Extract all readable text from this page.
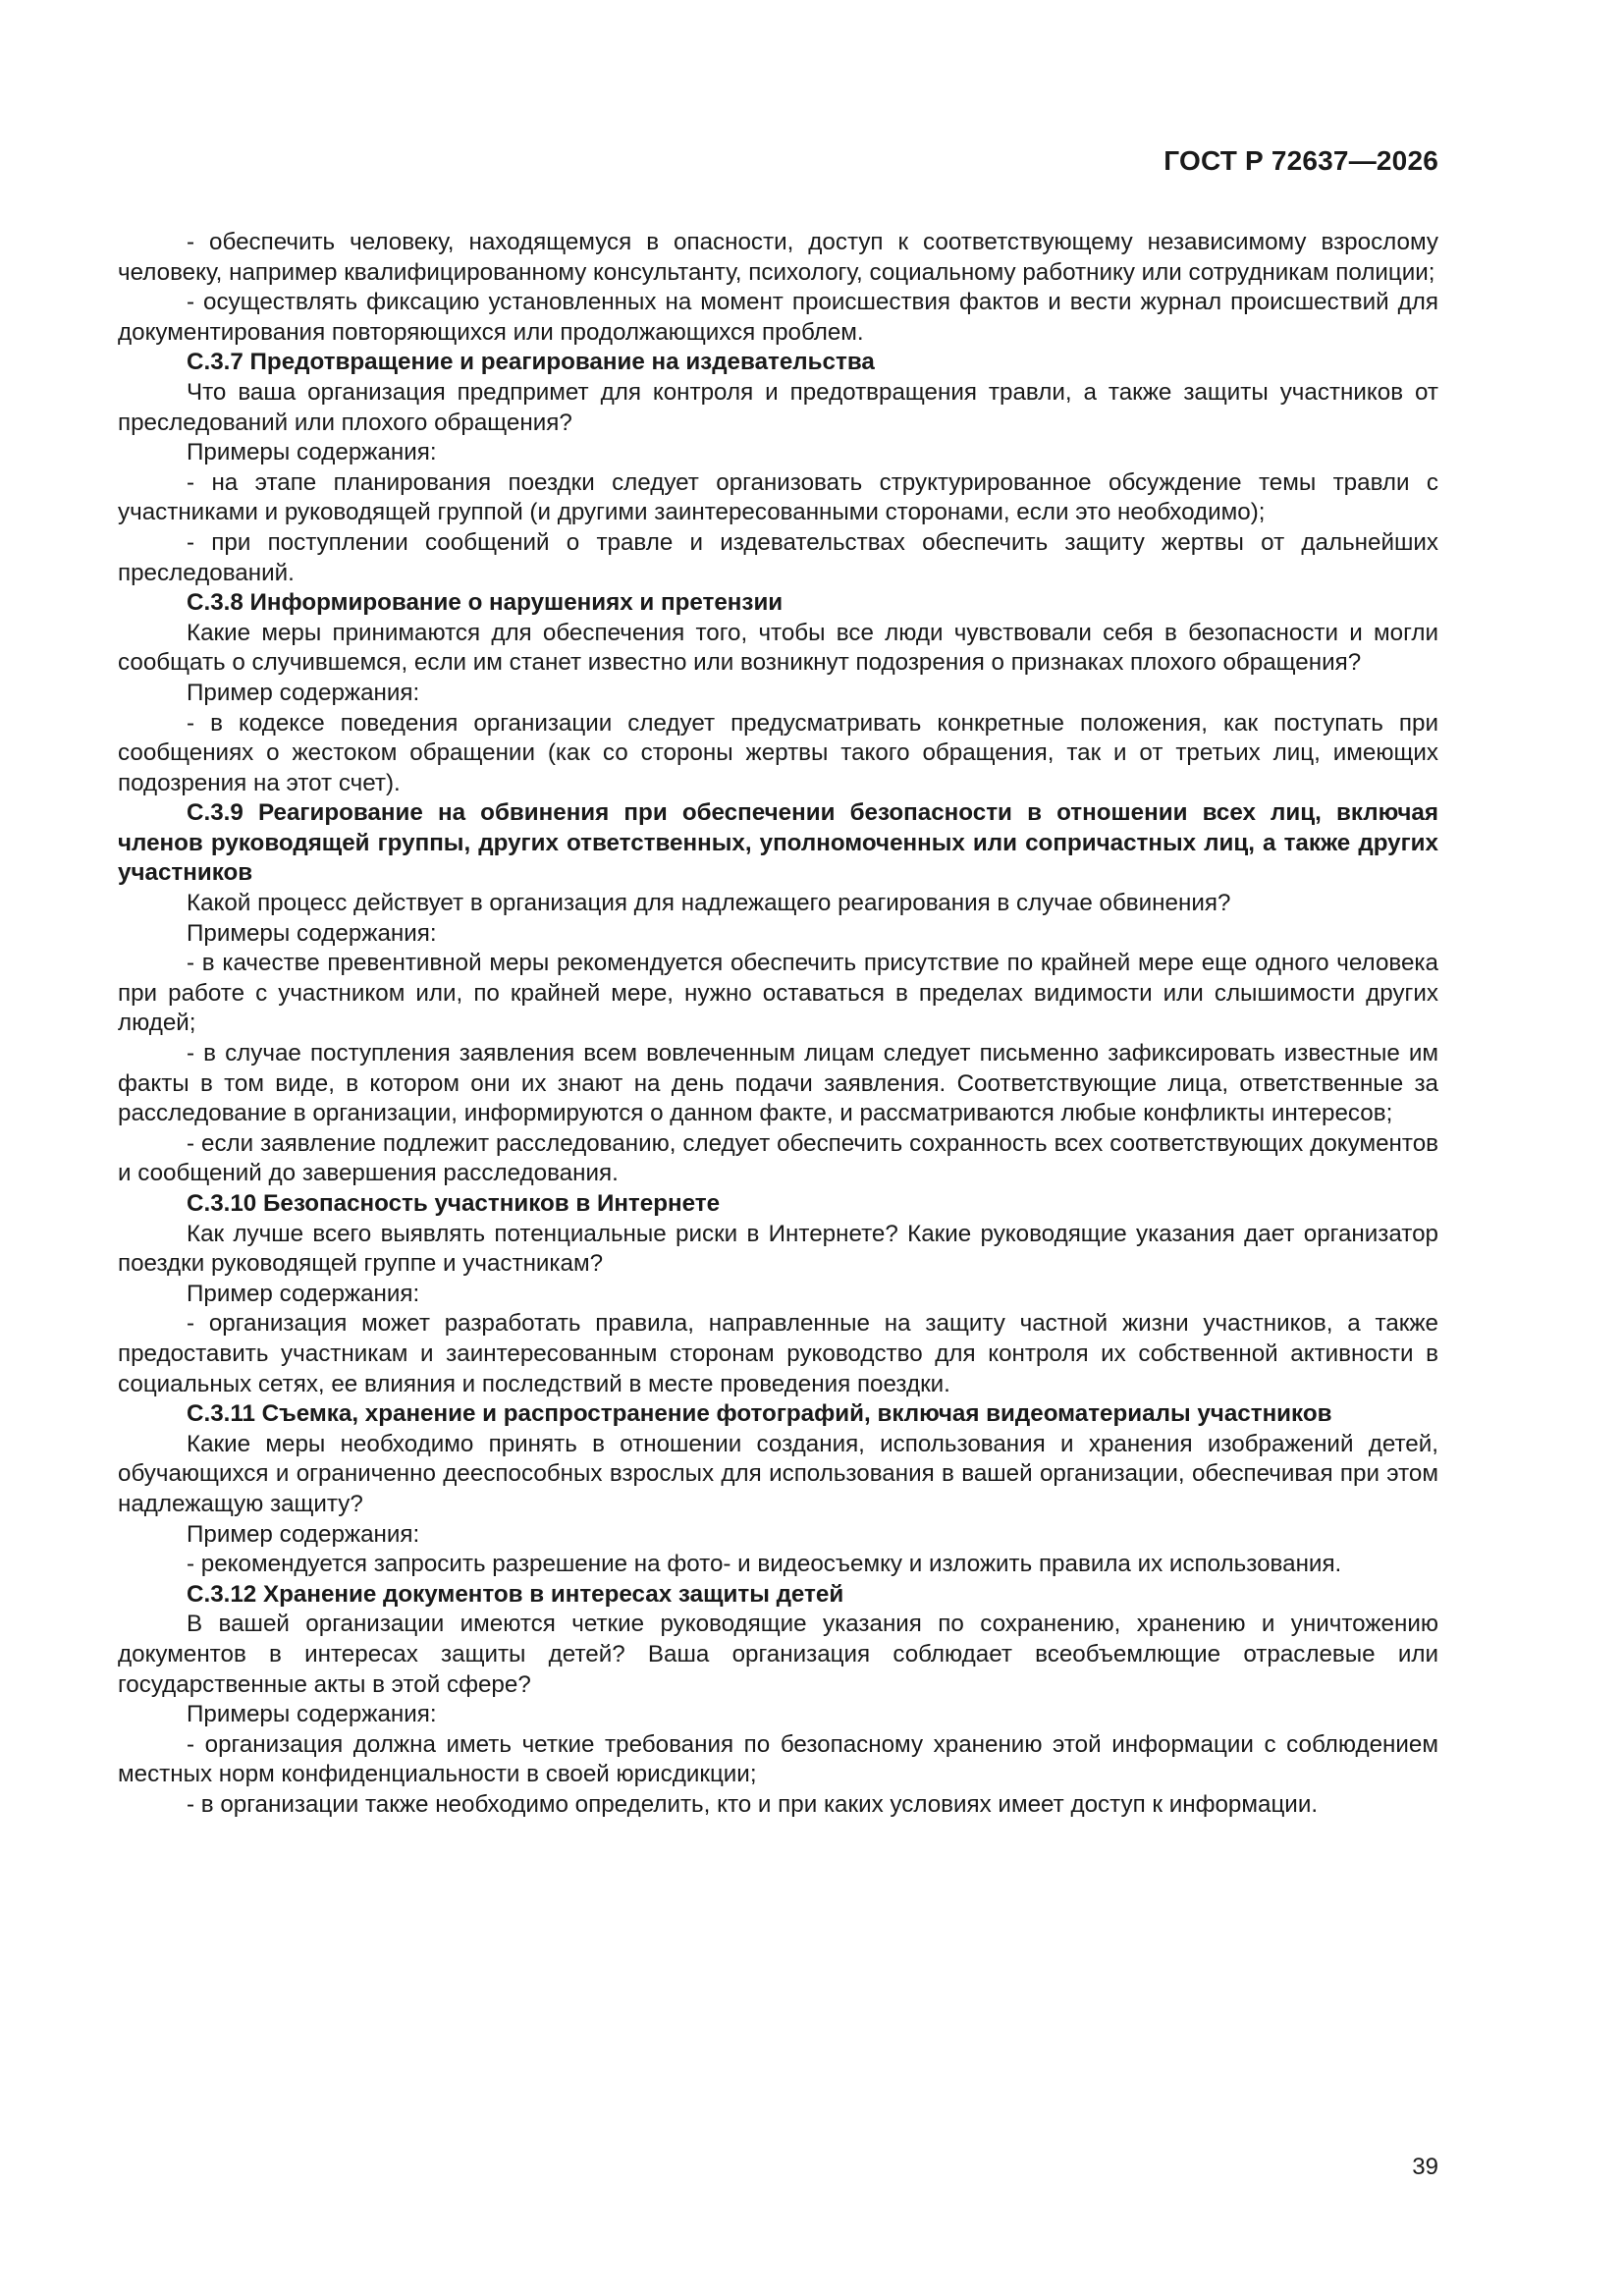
ГОСТ Р 72637—2026

- обеспечить человеку, находящемуся в опасности, доступ к соответствующему независимому взрослому человеку, например квалифицированному консультанту, психологу, социальному работнику или сотрудникам полиции;

- осуществлять фиксацию установленных на момент происшествия фактов и вести журнал происшествий для документирования повторяющихся или продолжающихся проблем.

С.3.7 Предотвращение и реагирование на издевательства

Что ваша организация предпримет для контроля и предотвращения травли, а также защиты участников от преследований или плохого обращения?

Примеры содержания:

- на этапе планирования поездки следует организовать структурированное обсуждение темы травли с участниками и руководящей группой (и другими заинтересованными сторонами, если это необходимо);

- при поступлении сообщений о травле и издевательствах обеспечить защиту жертвы от дальнейших преследований.

С.3.8 Информирование о нарушениях и претензии

Какие меры принимаются для обеспечения того, чтобы все люди чувствовали себя в безопасности и могли сообщать о случившемся, если им станет известно или возникнут подозрения о признаках плохого обращения?

Пример содержания:

- в кодексе поведения организации следует предусматривать конкретные положения, как поступать при сообщениях о жестоком обращении (как со стороны жертвы такого обращения, так и от третьих лиц, имеющих подозрения на этот счет).

С.3.9 Реагирование на обвинения при обеспечении безопасности в отношении всех лиц, включая членов руководящей группы, других ответственных, уполномоченных или сопричастных лиц, а также других участников

Какой процесс действует в организация для надлежащего реагирования в случае обвинения?

Примеры содержания:

- в качестве превентивной меры рекомендуется обеспечить присутствие по крайней мере еще одного человека при работе с участником или, по крайней мере, нужно оставаться в пределах видимости или слышимости других людей;

- в случае поступления заявления всем вовлеченным лицам следует письменно зафиксировать известные им факты в том виде, в котором они их знают на день подачи заявления. Соответствующие лица, ответственные за расследование в организации, информируются о данном факте, и рассматриваются любые конфликты интересов;

- если заявление подлежит расследованию, следует обеспечить сохранность всех соответствующих документов и сообщений до завершения расследования.

С.3.10 Безопасность участников в Интернете

Как лучше всего выявлять потенциальные риски в Интернете? Какие руководящие указания дает организатор поездки руководящей группе и участникам?

Пример содержания:

- организация может разработать правила, направленные на защиту частной жизни участников, а также предоставить участникам и заинтересованным сторонам руководство для контроля их собственной активности в социальных сетях, ее влияния и последствий в месте проведения поездки.

С.3.11 Съемка, хранение и распространение фотографий, включая видеоматериалы участников

Какие меры необходимо принять в отношении создания, использования и хранения изображений детей, обучающихся и ограниченно дееспособных взрослых для использования в вашей организации, обеспечивая при этом надлежащую защиту?

Пример содержания:

- рекомендуется запросить разрешение на фото- и видеосъемку и изложить правила их использования.

С.3.12 Хранение документов в интересах защиты детей

В вашей организации имеются четкие руководящие указания по сохранению, хранению и уничтожению документов в интересах защиты детей? Ваша организация соблюдает всеобъемлющие отраслевые или государственные акты в этой сфере?

Примеры содержания:

- организация должна иметь четкие требования по безопасному хранению этой информации с соблюдением местных норм конфиденциальности в своей юрисдикции;

- в организации также необходимо определить, кто и при каких условиях имеет доступ к информации.

39
